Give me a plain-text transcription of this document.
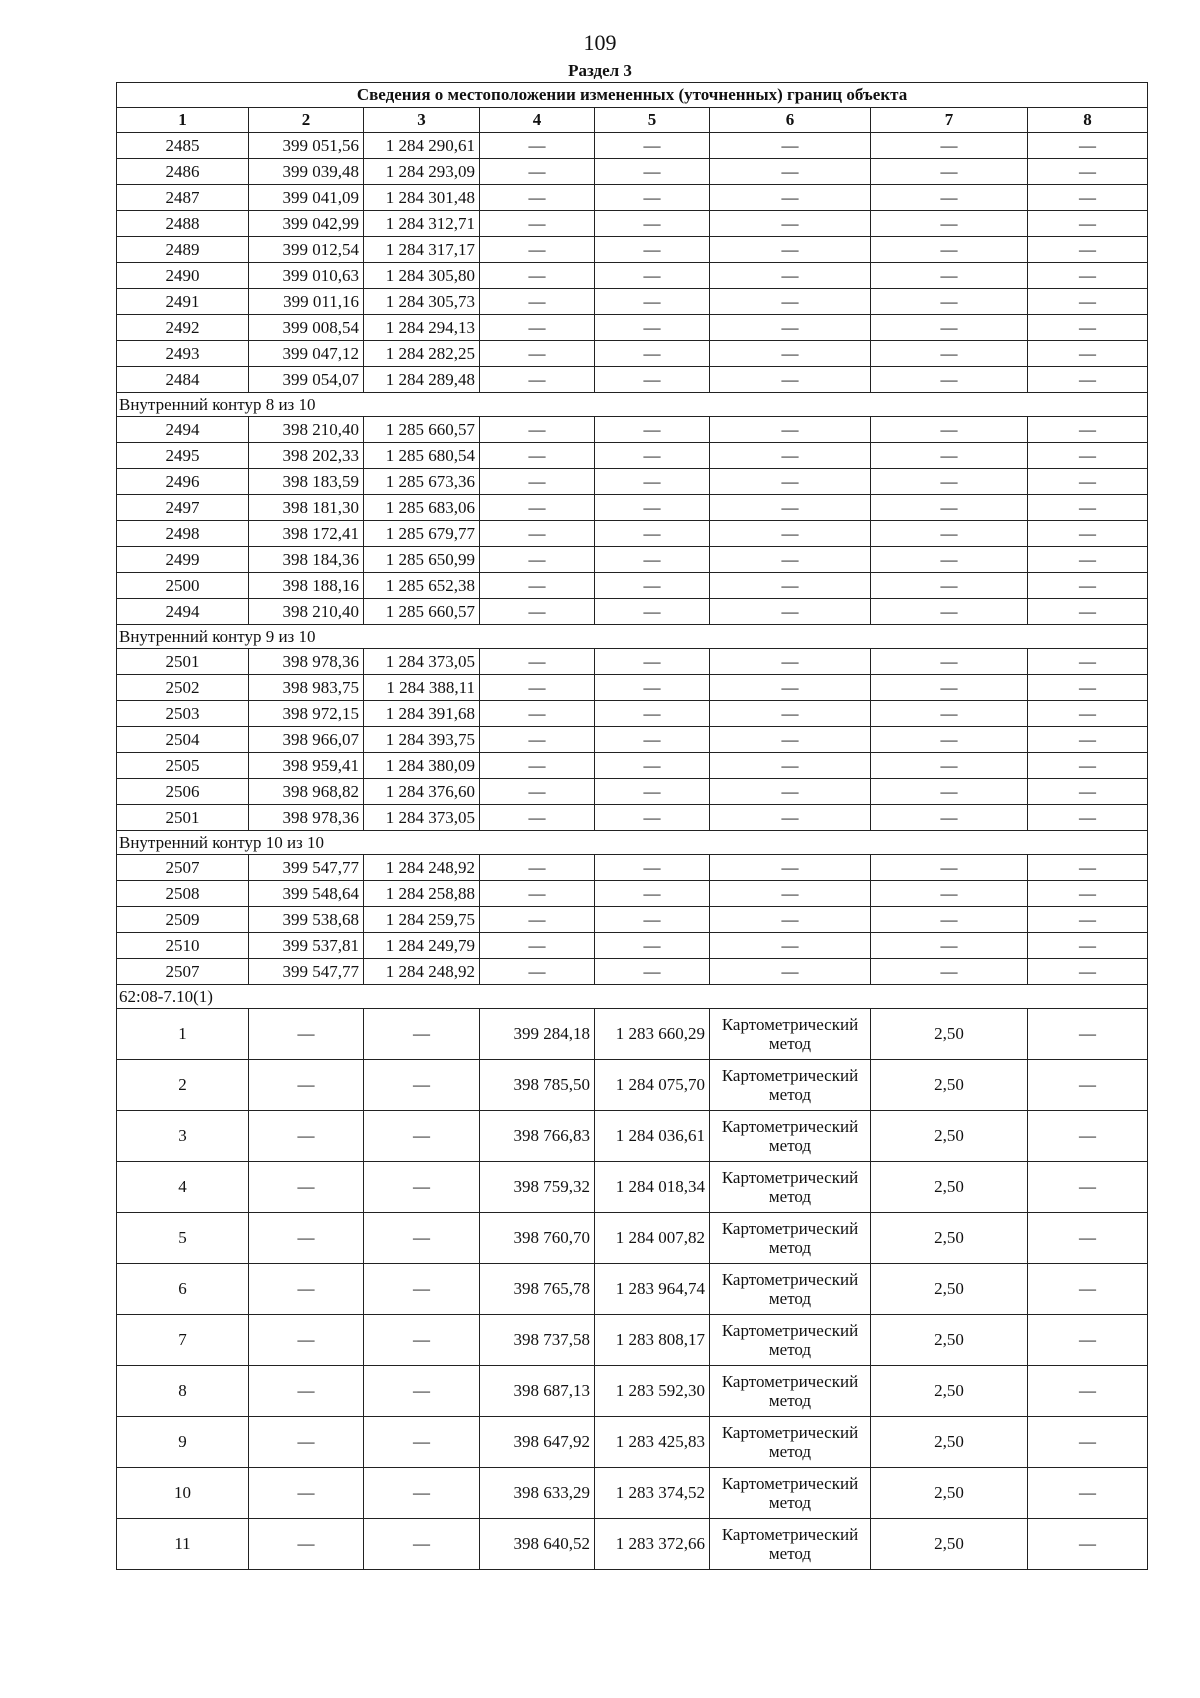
109
Раздел 3
Сведения о местоположении измененных (уточненных) границ объекта							
1	2	3	4	5	6	7	8
2485	399 051,56	1 284 290,61	—	—	—	—	—
2486	399 039,48	1 284 293,09	—	—	—	—	—
2487	399 041,09	1 284 301,48	—	—	—	—	—
2488	399 042,99	1 284 312,71	—	—	—	—	—
2489	399 012,54	1 284 317,17	—	—	—	—	—
2490	399 010,63	1 284 305,80	—	—	—	—	—
2491	399 011,16	1 284 305,73	—	—	—	—	—
2492	399 008,54	1 284 294,13	—	—	—	—	—
2493	399 047,12	1 284 282,25	—	—	—	—	—
2484	399 054,07	1 284 289,48	—	—	—	—	—
Внутренний контур 8 из 10							
2494	398 210,40	1 285 660,57	—	—	—	—	—
2495	398 202,33	1 285 680,54	—	—	—	—	—
2496	398 183,59	1 285 673,36	—	—	—	—	—
2497	398 181,30	1 285 683,06	—	—	—	—	—
2498	398 172,41	1 285 679,77	—	—	—	—	—
2499	398 184,36	1 285 650,99	—	—	—	—	—
2500	398 188,16	1 285 652,38	—	—	—	—	—
2494	398 210,40	1 285 660,57	—	—	—	—	—
Внутренний контур 9 из 10							
2501	398 978,36	1 284 373,05	—	—	—	—	—
2502	398 983,75	1 284 388,11	—	—	—	—	—
2503	398 972,15	1 284 391,68	—	—	—	—	—
2504	398 966,07	1 284 393,75	—	—	—	—	—
2505	398 959,41	1 284 380,09	—	—	—	—	—
2506	398 968,82	1 284 376,60	—	—	—	—	—
2501	398 978,36	1 284 373,05	—	—	—	—	—
Внутренний контур 10 из 10							
2507	399 547,77	1 284 248,92	—	—	—	—	—
2508	399 548,64	1 284 258,88	—	—	—	—	—
2509	399 538,68	1 284 259,75	—	—	—	—	—
2510	399 537,81	1 284 249,79	—	—	—	—	—
2507	399 547,77	1 284 248,92	—	—	—	—	—
62:08-7.10(1)							
1	—	—	399 284,18	1 283 660,29	Картометрический метод	2,50	—
2	—	—	398 785,50	1 284 075,70	Картометрический метод	2,50	—
3	—	—	398 766,83	1 284 036,61	Картометрический метод	2,50	—
4	—	—	398 759,32	1 284 018,34	Картометрический метод	2,50	—
5	—	—	398 760,70	1 284 007,82	Картометрический метод	2,50	—
6	—	—	398 765,78	1 283 964,74	Картометрический метод	2,50	—
7	—	—	398 737,58	1 283 808,17	Картометрический метод	2,50	—
8	—	—	398 687,13	1 283 592,30	Картометрический метод	2,50	—
9	—	—	398 647,92	1 283 425,83	Картометрический метод	2,50	—
10	—	—	398 633,29	1 283 374,52	Картометрический метод	2,50	—
11	—	—	398 640,52	1 283 372,66	Картометрический метод	2,50	—
